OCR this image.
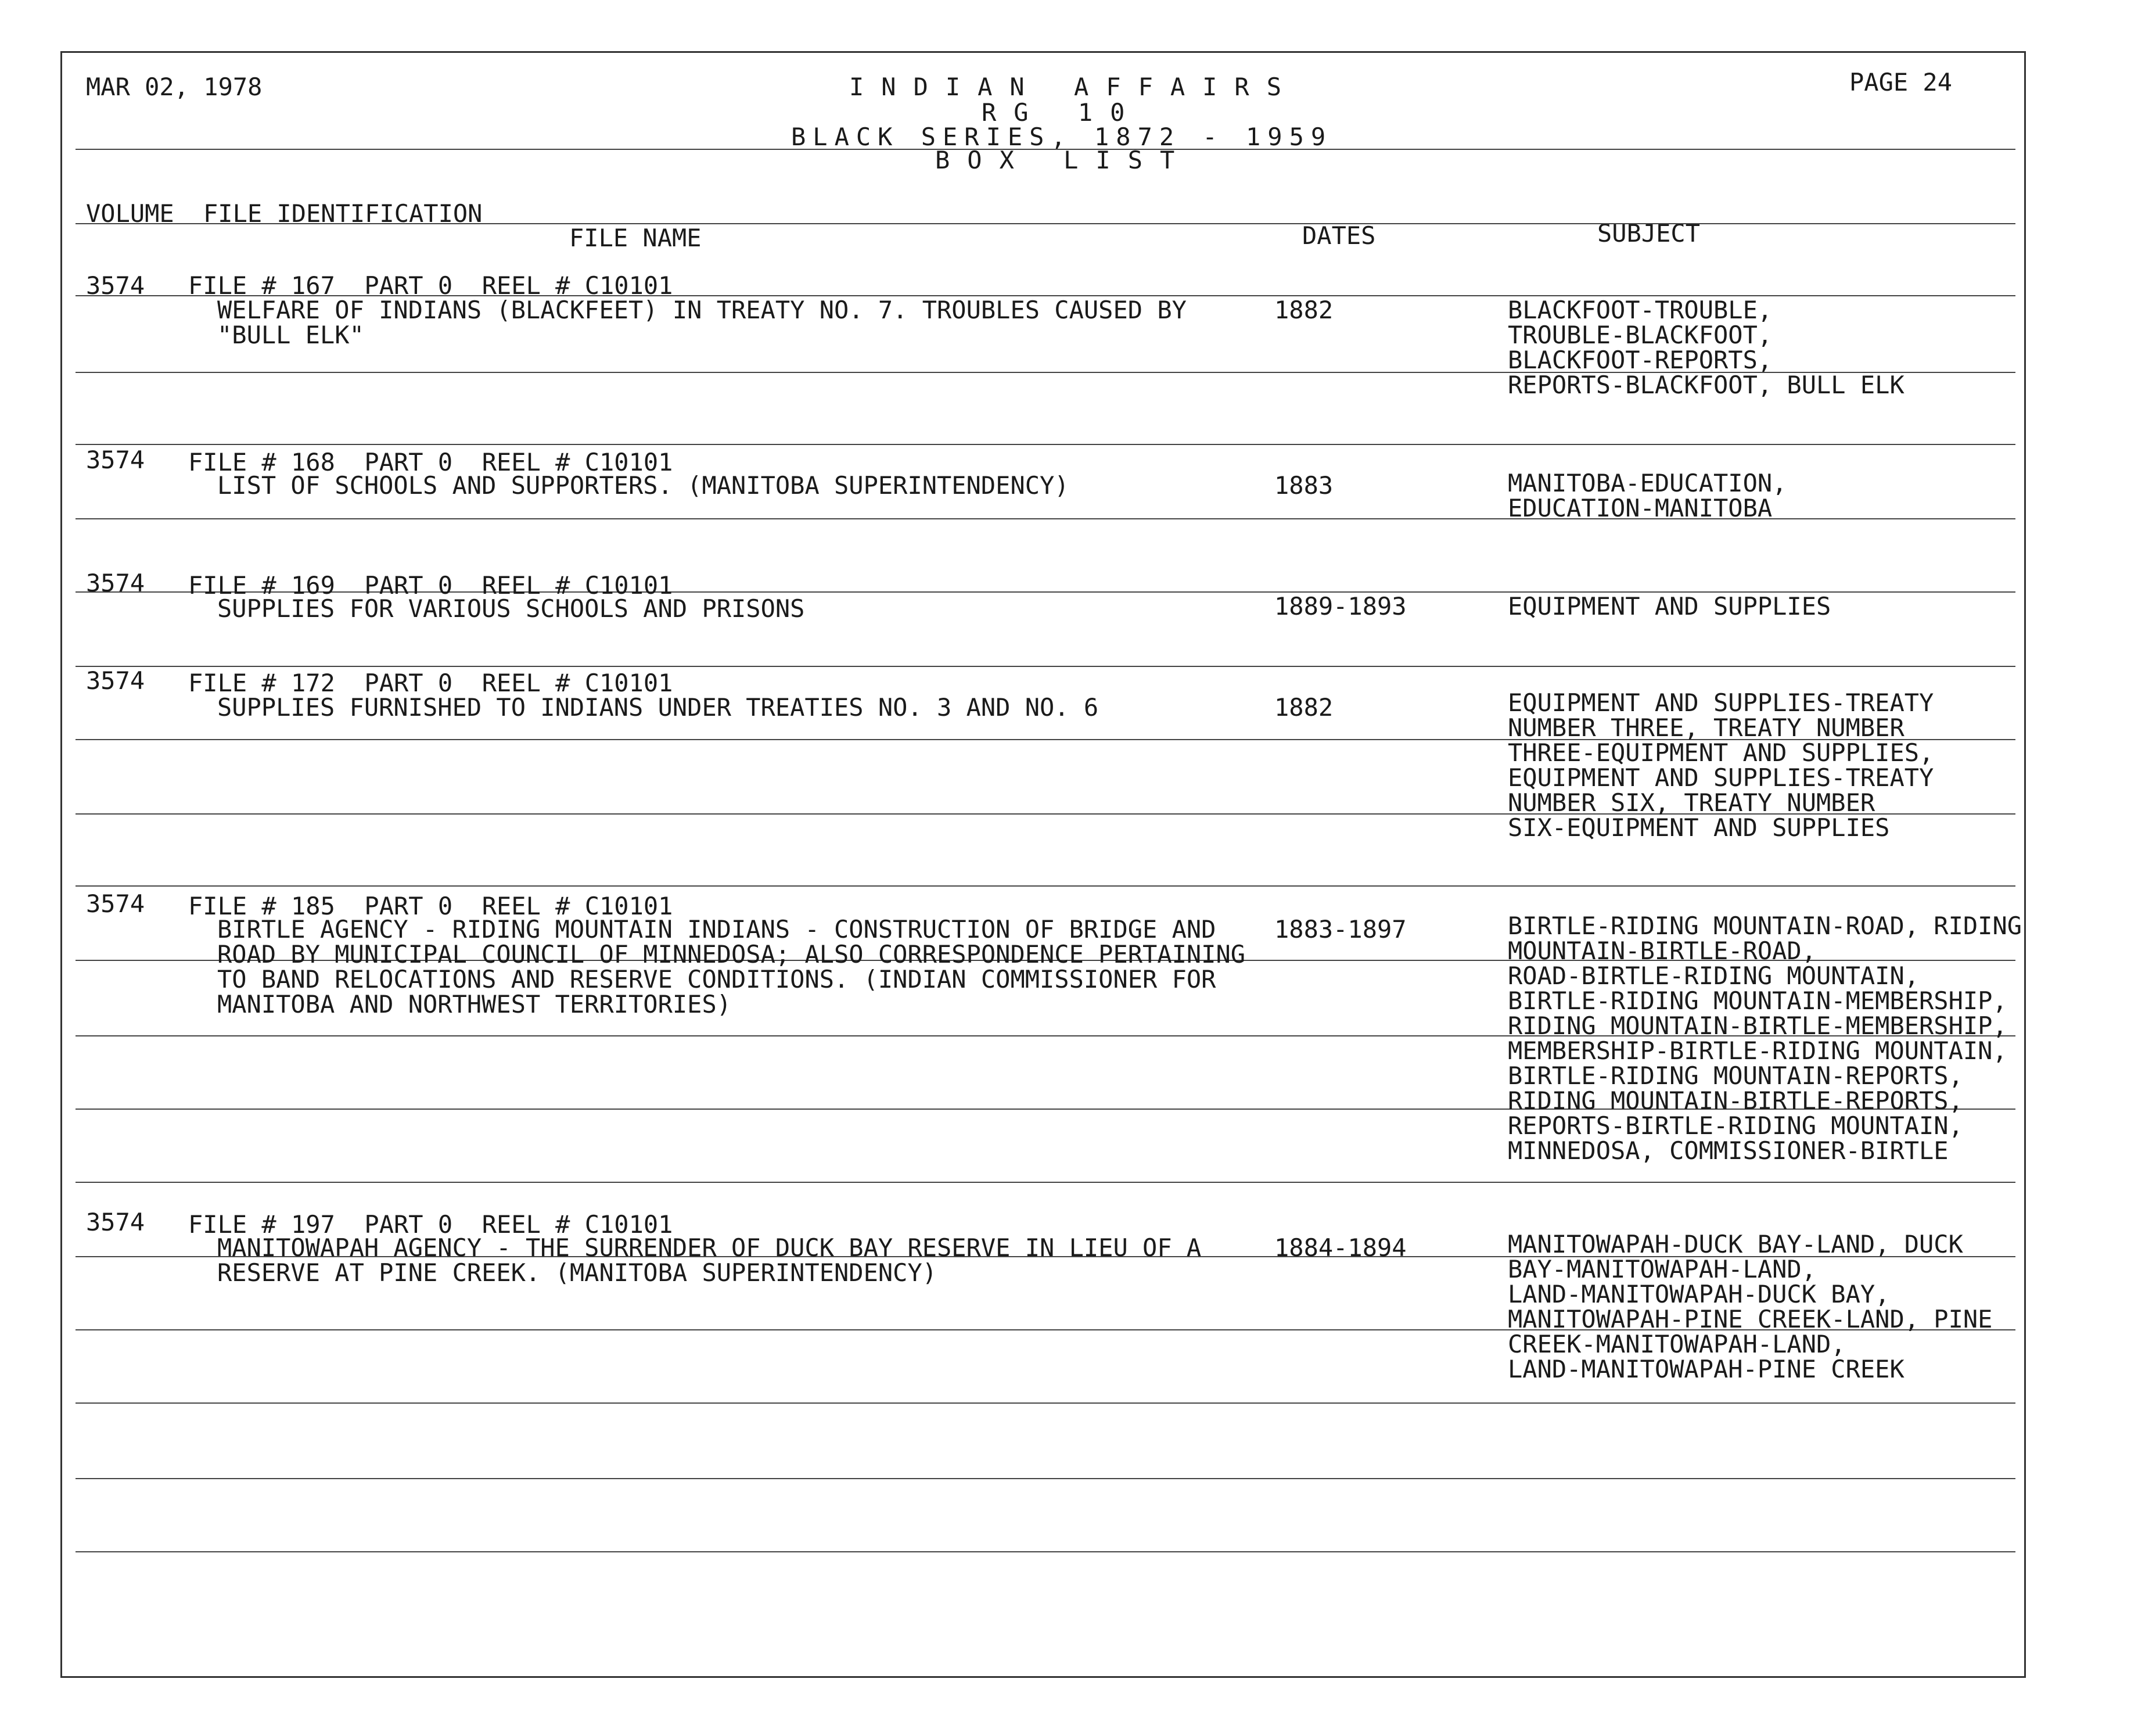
MAR 02, 1978	INDIAN AFFAIRS
RG 10
BLACK SERIES, 1872 - 1959
BOX LIST
PAGE 24
VOLUME FILE IDENTIFICATION
FILE NAME	DATES	SUBJECT
3574 FILE # 167  PART 0  REEL # C10101
WELFARE OF INDIANS (BLACKFEET) IN TREATY NO. 7. TROUBLES CAUSED BY
"BULL ELK"
1882	BLACKFOOT-TROUBLE,
TROUBLE-BLACKFOOT,
BLACKFOOT-REPORTS,
REPORTS-BLACKFOOT, BULL ELK
3574 FILE # 168  PART 0  REEL # C10101
LIST OF SCHOOLS AND SUPPORTERS. (MANITOBA SUPERINTENDENCY)	1883	MANITOBA-EDUCATION,
EDUCATION-MANITOBA
3574 FILE # 169  PART 0  REEL # C10101
SUPPLIES FOR VARIOUS SCHOOLS AND PRISONS	1889-1893	EQUIPMENT AND SUPPLIES
3574 FILE # 172  PART 0  REEL # C10101
SUPPLIES FURNISHED TO INDIANS UNDER TREATIES NO. 3 AND NO. 6	1882	EQUIPMENT AND SUPPLIES-TREATY
NUMBER THREE, TREATY NUMBER
THREE-EQUIPMENT AND SUPPLIES,
EQUIPMENT AND SUPPLIES-TREATY
NUMBER SIX, TREATY NUMBER
SIX-EQUIPMENT AND SUPPLIES
3574 FILE # 185  PART 0  REEL # C10101
BIRTLE AGENCY - RIDING MOUNTAIN INDIANS - CONSTRUCTION OF BRIDGE AND
ROAD BY MUNICIPAL COUNCIL OF MINNEDOSA; ALSO CORRESPONDENCE PERTAINING
TO BAND RELOCATIONS AND RESERVE CONDITIONS. (INDIAN COMMISSIONER FOR
MANITOBA AND NORTHWEST TERRITORIES)
1883-1897	BIRTLE-RIDING MOUNTAIN-ROAD, RIDING
MOUNTAIN-BIRTLE-ROAD,
ROAD-BIRTLE-RIDING MOUNTAIN,
BIRTLE-RIDING MOUNTAIN-MEMBERSHIP,
RIDING MOUNTAIN-BIRTLE-MEMBERSHIP,
MEMBERSHIP-BIRTLE-RIDING MOUNTAIN,
BIRTLE-RIDING MOUNTAIN-REPORTS,
RIDING MOUNTAIN-BIRTLE-REPORTS,
REPORTS-BIRTLE-RIDING MOUNTAIN,
MINNEDOSA, COMMISSIONER-BIRTLE
3574 FILE # 197  PART 0  REEL # C10101
MANITOWAPAH AGENCY - THE SURRENDER OF DUCK BAY RESERVE IN LIEU OF A
RESERVE AT PINE CREEK. (MANITOBA SUPERINTENDENCY)
1884-1894	MANITOWAPAH-DUCK BAY-LAND, DUCK
BAY-MANITOWAPAH-LAND,
LAND-MANITOWAPAH-DUCK BAY,
MANITOWAPAH-PINE CREEK-LAND, PINE
CREEK-MANITOWAPAH-LAND,
LAND-MANITOWAPAH-PINE CREEK
